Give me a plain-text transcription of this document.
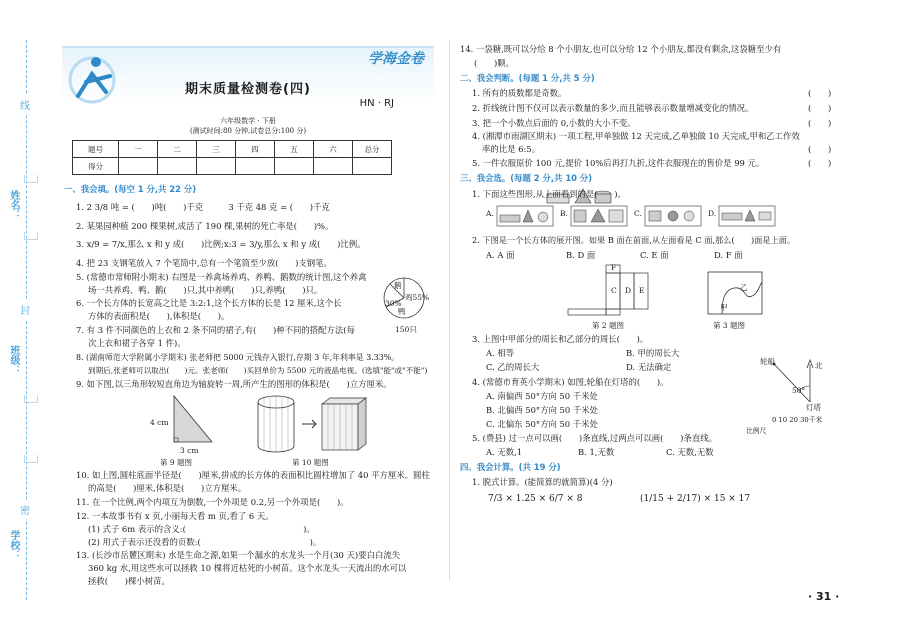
姓名：
班级：
学校：
线
封
密
学海金卷
期末质量检测卷(四)
HN · RJ
六年级数学 · 下册
(测试时间:80 分钟,试卷总分:100 分)
题号	一	二	三	四	五	六	总分
得分							
一、我会填。(每空 1 分,共 22 分)
1. 2 3/8 吨 = (　　)吨(　　)千克　　　3 千克 48 克 = (　　)千克
2. 某果园种植 200 棵果树,成活了 190 棵,果树的死亡率是(　　)%。
3. x/9 = 7/x,那么 x 和 y 成(　　)比例;x:3 = 3/y,那么 x 和 y 成(　　)比例。
4. 把 23 支钢笔放入 7 个笔筒中,总有一个笔筒至少放(　　)支钢笔。
5. (常德市常师附小期末) 右图是一养禽场养鸡、养鸭、鹅数的统计图,这个养禽
场一共养鸡、鸭、鹅(　　)只,其中养鸭(　　)只,养鸭(　　)只。
6. 一个长方体的长宽高之比是 3:2:1,这个长方体的长是 12 厘米,这个长
方体的表面积是(　　),体积是(　　)。
7. 有 3 件不同颜色的上衣和 2 条不同的裙子,有(　　)种不同的搭配方法(每
次上衣和裙子各穿 1 件)。
8. (湖南师范大学附属小学期末) 张老师把 5000 元钱存入银行,存期 3 年,年利率是 3.33%。
到期后,张老师可以取出(　　)元。张老师(　　)买回单价为 5500 元的液晶电视。(选填"能"或"不能")
9. 如下图,以三角形较短直角边为轴旋转一周,所产生的图形的体积是(　　)立方厘米。
鹅
鸡55%
30%
鸭
150只
4 cm
3 cm
第 9 题图	第 10 题图
10. 如上图,圆柱底面半径是(　　)厘米,拼成的长方体的表面积比圆柱增加了 40 平方厘米。圆柱
的高是(　　)厘米,体积是(　　)立方厘米。
11. 在一个比例,两个内项互为倒数,一个外项是 0.2,另一个外项是(　　)。
12. 一本故事书有 x 页,小丽每天看 m 页,看了 6 天。
(1) 式子 6m 表示的含义:(　　　　　　　　　　　　　　)。
(2) 用式子表示还没看的页数:(　　　　　　　　　　　　　)。
13. (长沙市岳麓区期末) 水是生命之源,如果一个漏水的水龙头一个月(30 天)要白白流失
360 kg 水,用这些水可以拯救 10 棵将近枯死的小树苗。这个水龙头一天流出的水可以
拯救(　　)棵小树苗。
14. 一袋糖,既可以分给 8 个小朋友,也可以分给 12 个小朋友,都没有剩余,这袋糖至少有
(　　)颗。
二、我会判断。(每题 1 分,共 5 分)
1. 所有的质数都是奇数。
2. 折线统计图不仅可以表示数量的多少,而且能够表示数量增减变化的情况。
3. 把一个小数点后面的 0,小数的大小不变。
4. (湘潭市雨湖区期末) 一项工程,甲单独做 12 天完成,乙单独做 10 天完成,甲和乙工作效
率的比是 6:5。
5. 一件衣服原价 100 元,提价 10%后再打九折,这件衣服现在的售价是 99 元。
(　　)
(　　)
(　　)
(　　)
(　　)
三、我会选。(每题 2 分,共 10 分)
1. 下面这些图形,从上面看到的是(　　)。
A.	B.	C.	D.
2. 下图是一个长方体的展开图。如果 B 面在前面,从左面看是 C 面,那么(　　)面是上面。
A. A 面	B. D 面	C. E 面	D. F 面
F
C D E
第 2 题图
乙
甲
第 3 题图
3. 上图中甲部分的周长和乙部分的周长(　　)。
A. 相等	B. 甲的周长大
C. 乙的周长大	D. 无法确定
4. (常德市育英小学期末) 如图,轮船在灯塔的(　　)。
A. 南偏西 50°方向 50 千米处
B. 北偏西 50°方向 50 千米处
C. 北偏东 50°方向 50 千米处
北
轮船
50°
灯塔
0 10 20 30千米
比例尺
5. (费县) 过一点可以画(　　)条直线,过两点可以画(　　)条直线。
A. 无数,1	B. 1,无数	C. 无数,无数
四、我会计算。(共 19 分)
1. 脱式计算。(能简算的就简算)(4 分)
7/3 × 1.25 × 6/7 × 8	(1/15 + 2/17) × 15 × 17
· 31 ·
